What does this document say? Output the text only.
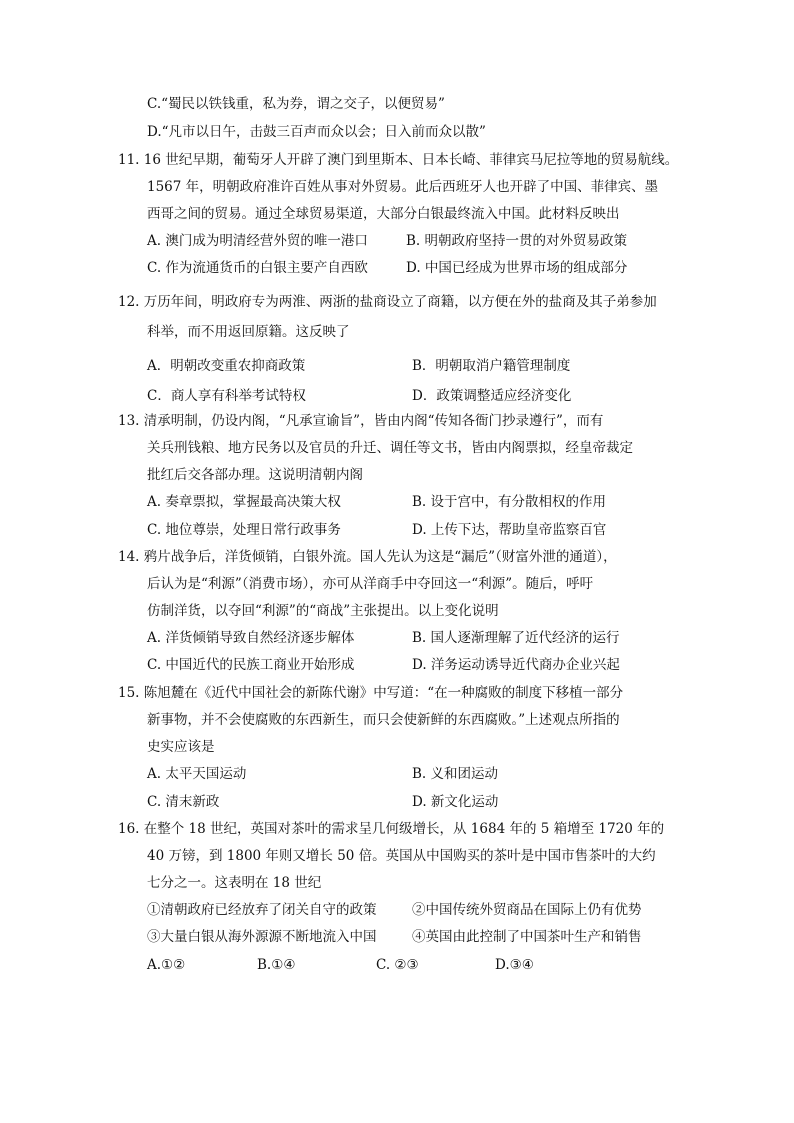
C.“蜀民以铁钱重，私为券，谓之交子，以便贸易”
D.“凡市以日午，击鼓三百声而众以会；日入前而众以散”
11. 16 世纪早期，葡萄牙人开辟了澳门到里斯本、日本长崎、菲律宾马尼拉等地的贸易航线。
1567 年，明朝政府准许百姓从事对外贸易。此后西班牙人也开辟了中国、菲律宾、墨
西哥之间的贸易。通过全球贸易渠道，大部分白银最终流入中国。此材料反映出
A. 澳门成为明清经营外贸的唯一港口	B. 明朝政府坚持一贯的对外贸易政策
C. 作为流通货币的白银主要产自西欧	D. 中国已经成为世界市场的组成部分
12. 万历年间，明政府专为两淮、两浙的盐商设立了商籍，以方便在外的盐商及其子弟参加
科举，而不用返回原籍。这反映了
A．明朝改变重农抑商政策	B．明朝取消户籍管理制度
C．商人享有科举考试特权	D．政策调整适应经济变化
13. 清承明制，仍设内阁，“凡承宣谕旨”，皆由内阁“传知各衙门抄录遵行”，而有
关兵刑钱粮、地方民务以及官员的升迁、调任等文书，皆由内阁票拟，经皇帝裁定
批红后交各部办理。这说明清朝内阁
A. 奏章票拟，掌握最高决策大权	B. 设于宫中，有分散相权的作用
C. 地位尊崇，处理日常行政事务	D. 上传下达，帮助皇帝监察百官
14. 鸦片战争后，洋货倾销，白银外流。国人先认为这是“漏卮”（财富外泄的通道），
后认为是“利源”（消费市场），亦可从洋商手中夺回这一“利源”。随后，呼吁
仿制洋货，以夺回“利源”的“商战”主张提出。以上变化说明
A. 洋货倾销导致自然经济逐步解体	B. 国人逐渐理解了近代经济的运行
C. 中国近代的民族工商业开始形成	D. 洋务运动诱导近代商办企业兴起
15. 陈旭麓在《近代中国社会的新陈代谢》中写道：“在一种腐败的制度下移植一部分
新事物，并不会使腐败的东西新生，而只会使新鲜的东西腐败。”上述观点所指的
史实应该是
A. 太平天国运动	B. 义和团运动
C. 清末新政	D. 新文化运动
16. 在整个 18 世纪，英国对茶叶的需求呈几何级增长，从 1684 年的 5 箱增至 1720 年的
40 万镑，到 1800 年则又增长 50 倍。英国从中国购买的茶叶是中国市售茶叶的大约
七分之一。这表明在 18 世纪
①清朝政府已经放弃了闭关自守的政策	②中国传统外贸商品在国际上仍有优势
③大量白银从海外源源不断地流入中国	④英国由此控制了中国茶叶生产和销售
A.①②	B.①④	C. ②③	D.③④
